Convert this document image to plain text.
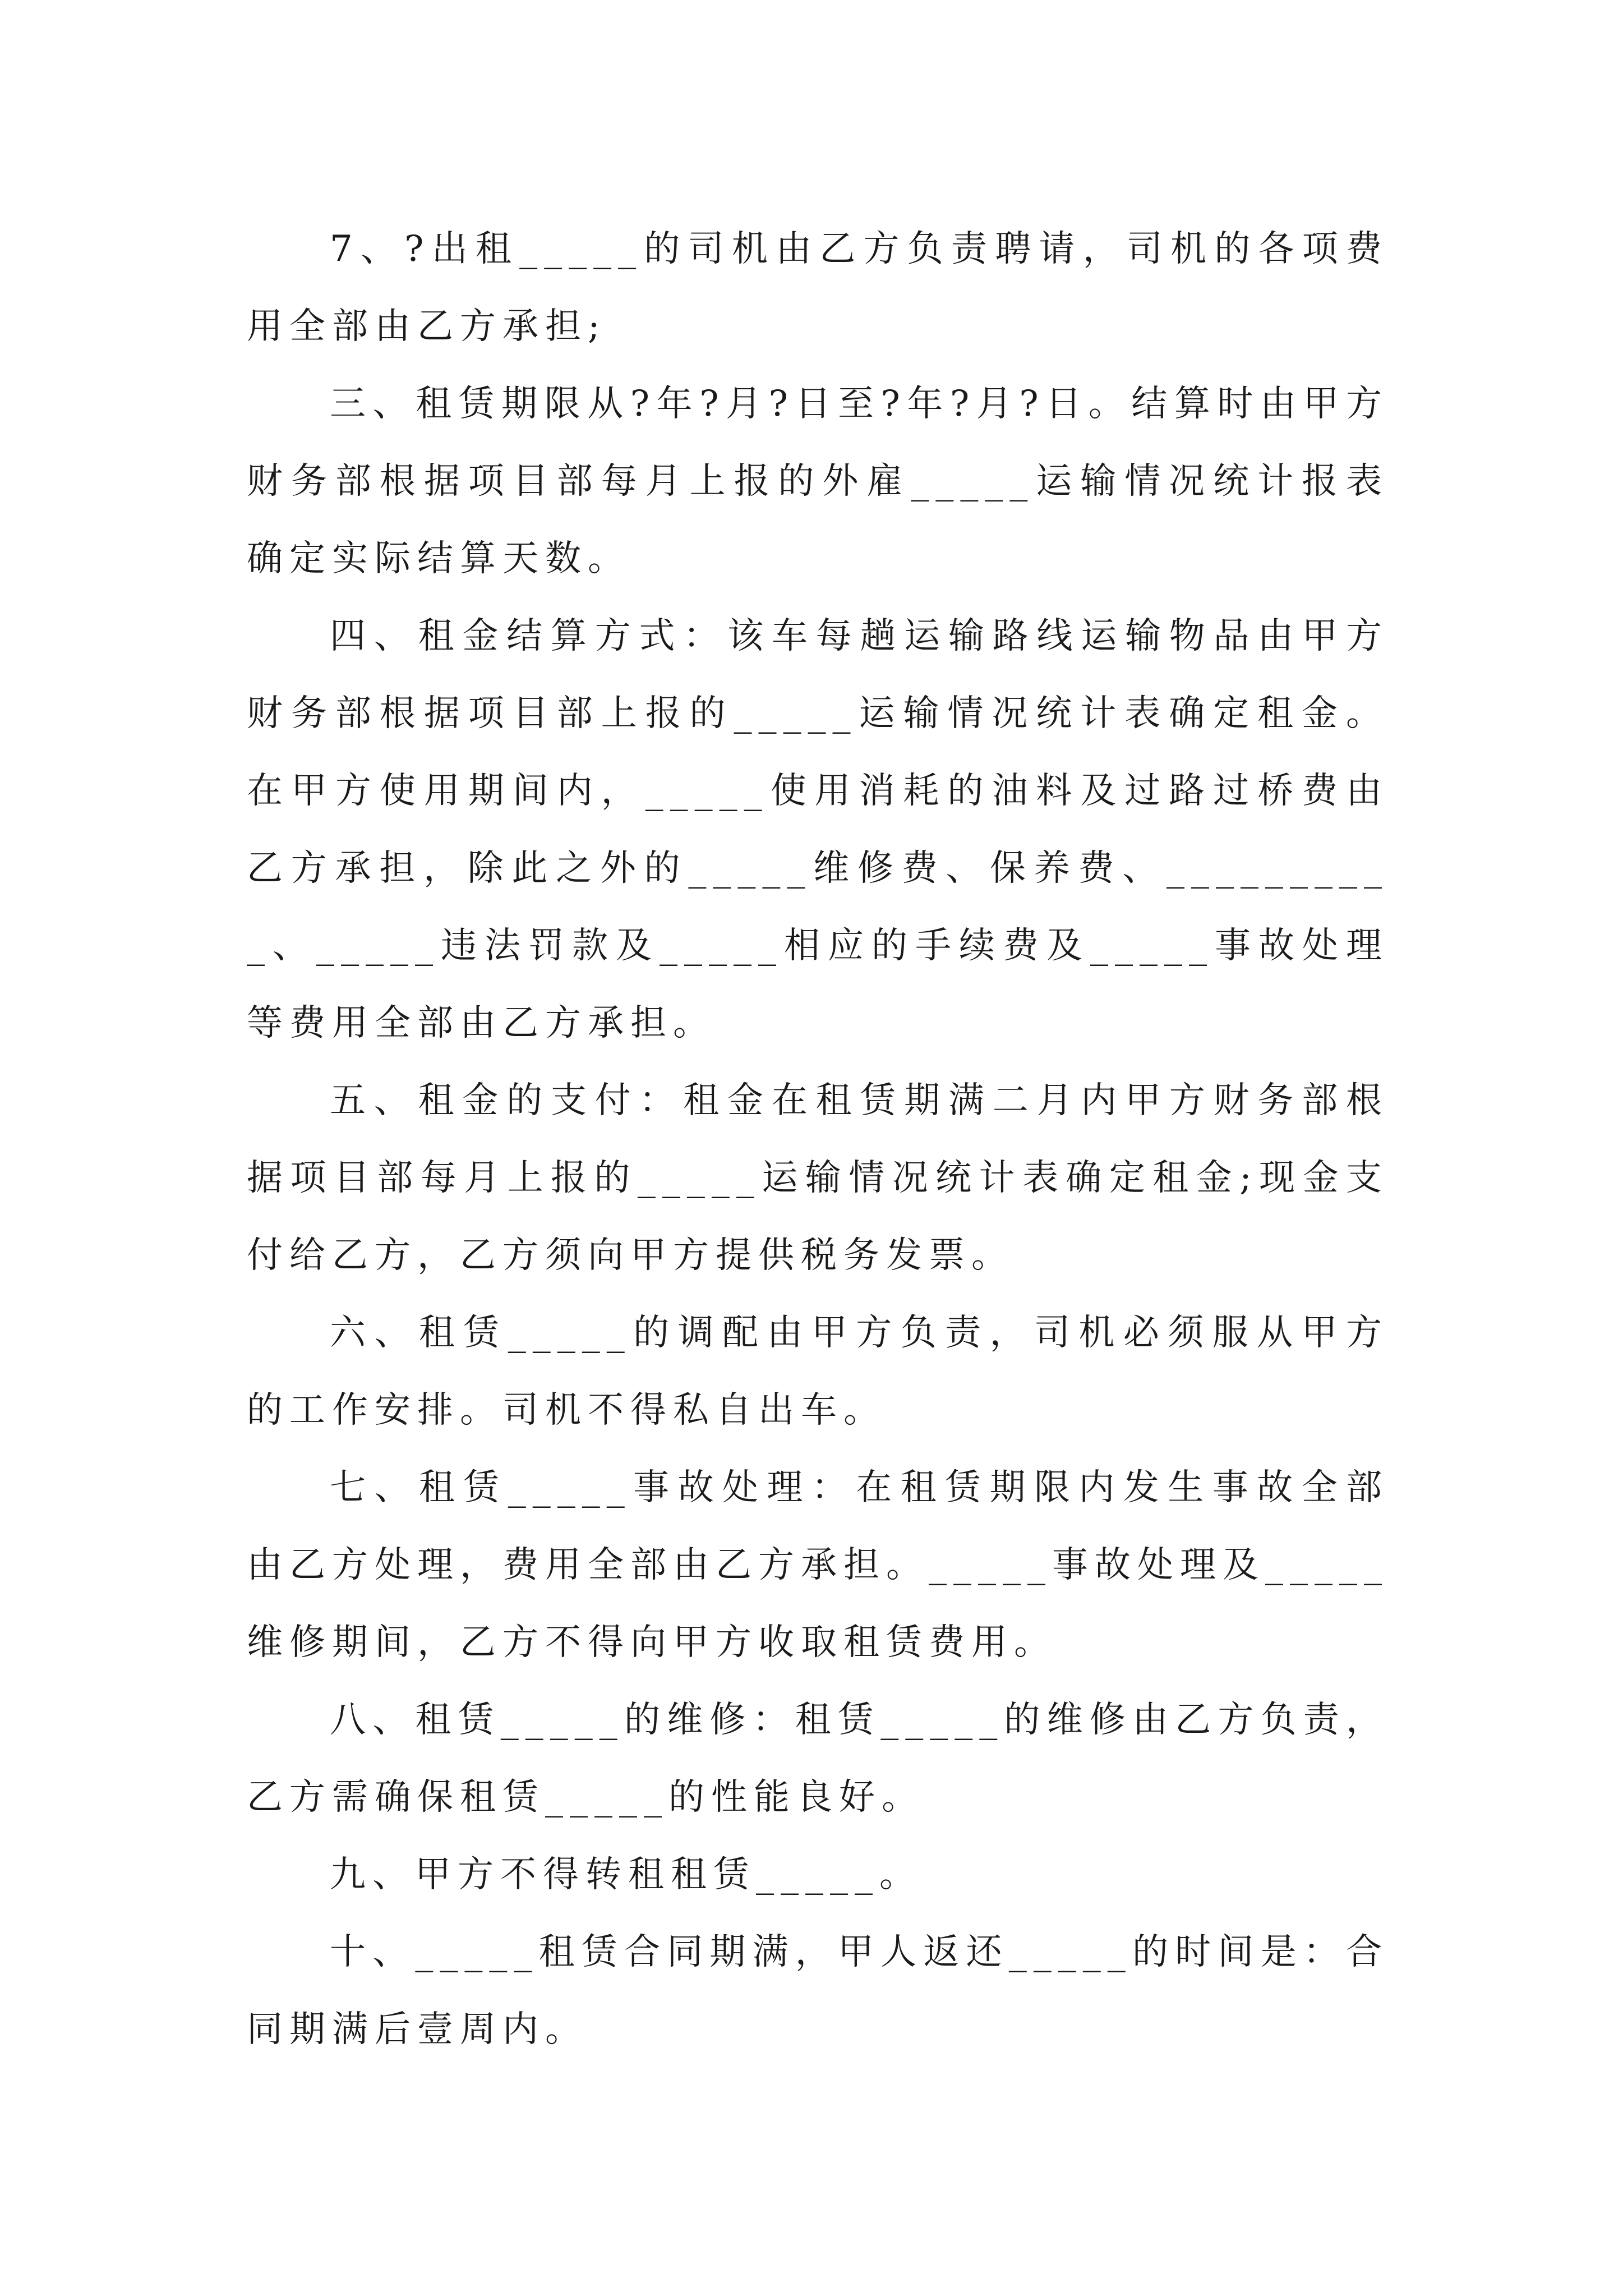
7、?出租_____的司机由乙方负责聘请，司机的各项费用全部由乙方承担;

三、租赁期限从?年?月?日至?年?月?日。结算时由甲方财务部根据项目部每月上报的外雇_____运输情况统计报表确定实际结算天数。

四、租金结算方式：该车每趟运输路线运输物品由甲方财务部根据项目部上报的_____运输情况统计表确定租金。在甲方使用期间内，_____使用消耗的油料及过路过桥费由乙方承担，除此之外的_____维修费、保养费、__________、_____违法罚款及_____相应的手续费及_____事故处理等费用全部由乙方承担。

五、租金的支付：租金在租赁期满二月内甲方财务部根据项目部每月上报的_____运输情况统计表确定租金;现金支付给乙方，乙方须向甲方提供税务发票。

六、租赁_____的调配由甲方负责，司机必须服从甲方的工作安排。司机不得私自出车。

七、租赁_____事故处理：在租赁期限内发生事故全部由乙方处理，费用全部由乙方承担。_____事故处理及_____维修期间，乙方不得向甲方收取租赁费用。

八、租赁_____的维修：租赁_____的维修由乙方负责，乙方需确保租赁_____的性能良好。

九、甲方不得转租租赁_____。

十、_____租赁合同期满，甲人返还_____的时间是：合同期满后壹周内。
